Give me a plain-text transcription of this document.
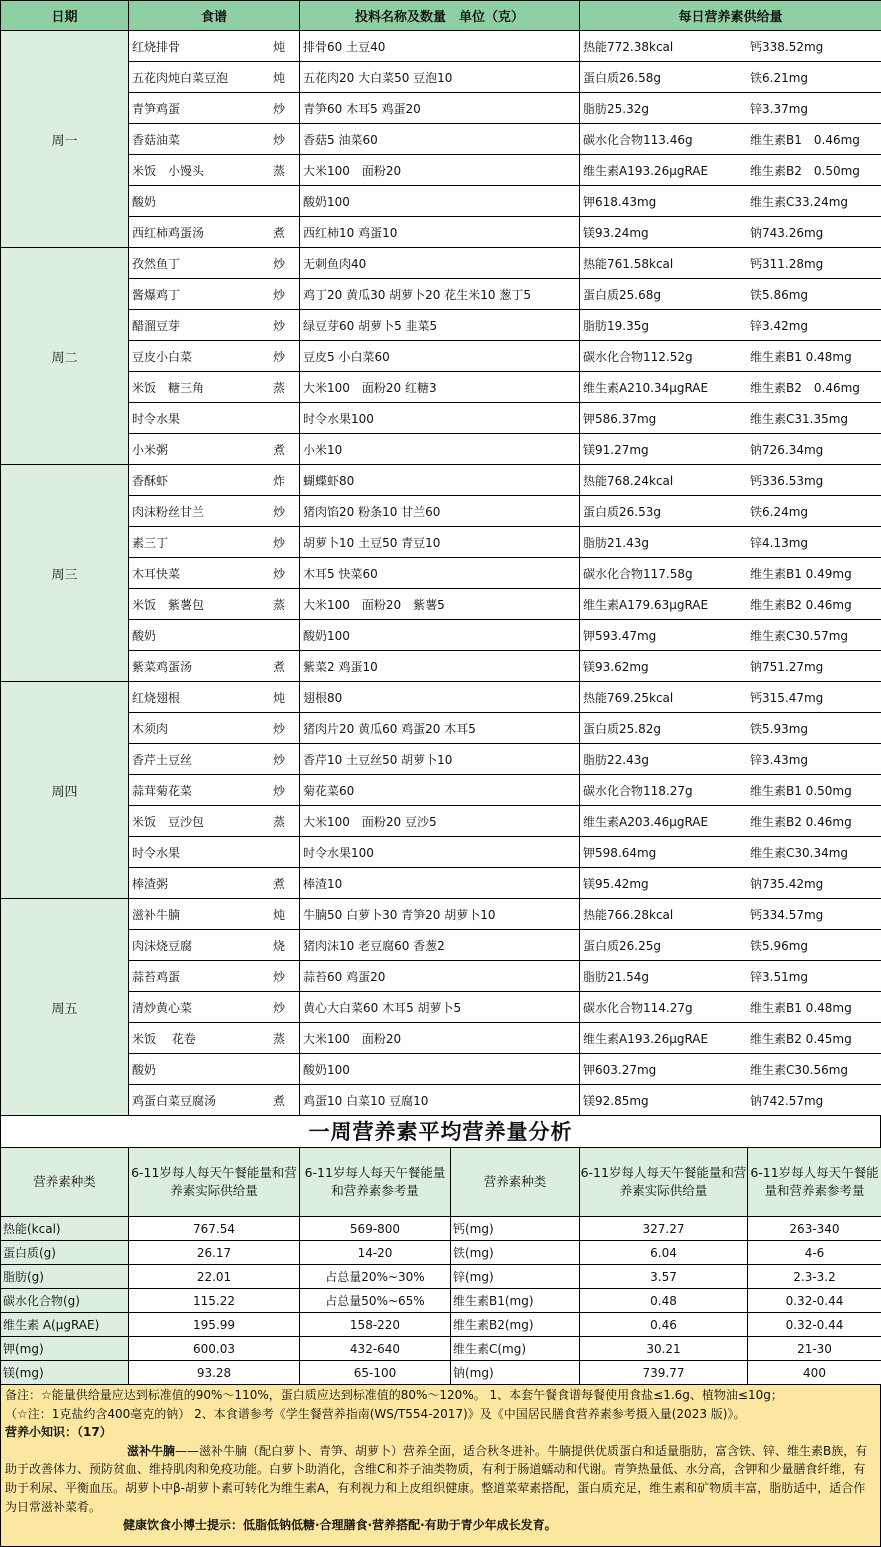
日期	食谱	投料名称及数量　单位（克）	每日营养素供给量
周一	红烧排骨 炖	排骨60 土豆40	热能772.38kcal 钙338.52mg

	五花肉炖白菜豆泡 炖	五花肉20 大白菜50 豆泡10	蛋白质26.58g 铁6.21mg

	青笋鸡蛋 炒	青笋60 木耳5 鸡蛋20	脂肪25.32g 锌3.37mg

	香菇油菜 炒	香菇5 油菜60	碳水化合物113.46g 维生素B1　0.46mg

	米饭　小馒头 蒸	大米100　面粉20	维生素A193.26μgRAE 维生素B2　0.50mg

	酸奶	酸奶100	钾618.43mg 维生素C33.24mg

	西红柿鸡蛋汤 煮	西红柿10 鸡蛋10	镁93.24mg 钠743.26mg
周二	孜然鱼丁 炒	无刺鱼肉40	热能761.58kcal 钙311.28mg

	酱爆鸡丁 炒	鸡丁20 黄瓜30 胡萝卜20 花生米10 葱丁5	蛋白质25.68g 铁5.86mg

	醋溜豆芽 炒	绿豆芽60 胡萝卜5 韭菜5	脂肪19.35g 锌3.42mg

	豆皮小白菜 炒	豆皮5 小白菜60	碳水化合物112.52g 维生素B1 0.48mg

	米饭　糖三角 蒸	大米100　面粉20 红糖3	维生素A210.34μgRAE 维生素B2　0.46mg

	时令水果	时令水果100	钾586.37mg 维生素C31.35mg

	小米粥 煮	小米10	镁91.27mg 钠726.34mg
周三	香酥虾 炸	蝴蝶虾80	热能768.24kcal 钙336.53mg

	肉沫粉丝甘兰 炒	猪肉馅20 粉条10 甘兰60	蛋白质26.53g 铁6.24mg

	素三丁 炒	胡萝卜10 土豆50 青豆10	脂肪21.43g 锌4.13mg

	木耳快菜 炒	木耳5 快菜60	碳水化合物117.58g 维生素B1 0.49mg

	米饭　紫薯包 蒸	大米100　面粉20　紫薯5	维生素A179.63μgRAE 维生素B2 0.46mg

	酸奶	酸奶100	钾593.47mg 维生素C30.57mg

	紫菜鸡蛋汤 煮	紫菜2 鸡蛋10	镁93.62mg 钠751.27mg
周四	红烧翅根 炖	翅根80	热能769.25kcal 钙315.47mg

	木须肉 炒	猪肉片20 黄瓜60 鸡蛋20 木耳5	蛋白质25.82g 铁5.93mg

	香芹土豆丝 炒	香芹10 土豆丝50 胡萝卜10	脂肪22.43g 锌3.43mg

	蒜茸菊花菜 炒	菊花菜60	碳水化合物118.27g 维生素B1 0.50mg

	米饭　豆沙包 蒸	大米100　面粉20 豆沙5	维生素A203.46μgRAE 维生素B2 0.46mg

	时令水果	时令水果100	钾598.64mg 维生素C30.34mg

	棒渣粥 煮	棒渣10	镁95.42mg 钠735.42mg
周五	滋补牛腩 炖	牛腩50 白萝卜30 青笋20 胡萝卜10	热能766.28kcal 钙334.57mg

	肉沫烧豆腐 烧	猪肉沫10 老豆腐60 香葱2	蛋白质26.25g 铁5.96mg

	蒜苔鸡蛋 炒	蒜苔60 鸡蛋20	脂肪21.54g 锌3.51mg

	清炒黄心菜 炒	黄心大白菜60 木耳5 胡萝卜5	碳水化合物114.27g 维生素B1 0.48mg

	米饭　 花卷 蒸	大米100　面粉20	维生素A193.26μgRAE 维生素B2 0.45mg

	酸奶	酸奶100	钾603.27mg 维生素C30.56mg

	鸡蛋白菜豆腐汤 煮	鸡蛋10 白菜10 豆腐10	镁92.85mg 钠742.57mg
一周营养素平均营养量分析
营养素种类	6-11岁每人每天午餐能量和营养素实际供给量	6-11岁每人每天午餐能量和营养素参考量	营养素种类	6-11岁每人每天午餐能量和营养素实际供给量	6-11岁每人每天午餐能量和营养素参考量
热能(kcal)	767.54	569-800	钙(mg)	327.27	263-340
蛋白质(g)	26.17	14-20	铁(mg)	6.04	4-6
脂肪(g)	22.01	占总量20%~30%	锌(mg)	3.57	2.3-3.2
碳水化合物(g)	115.22	占总量50%~65%	维生素B1(mg)	0.48	0.32-0.44
维生素 A(μgRAE)	195.99	158-220	维生素B2(mg)	0.46	0.32-0.44
钾(mg)	600.03	432-640	维生素C(mg)	30.21	21-30
镁(mg)	93.28	65-100	钠(mg)	739.77	400
备注：☆能量供给量应达到标准值的90%～110%，蛋白质应达到标准值的80%～120%。 1、本套午餐食谱每餐使用食盐≤1.6g、植物油≤10g；
（☆注：1克盐约含400毫克的钠） 2、本食谱参考《学生餐营养指南(WS/T554-2017)》及《中国居民膳食营养素参考摄入量(2023 版)》。
营养小知识：（17）
滋补牛腩——滋补牛腩（配白萝卜、青笋、胡萝卜）营养全面，适合秋冬进补。牛腩提供优质蛋白和适量脂肪，富含铁、锌、维生素B族，有助于改善体力、预防贫血、维持肌肉和免疫功能。白萝卜助消化，含维C和芥子油类物质，有利于肠道蠕动和代谢。青笋热量低、水分高，含钾和少量膳食纤维，有助于利尿、平衡血压。胡萝卜中β-胡萝卜素可转化为维生素A，有利视力和上皮组织健康。整道菜荤素搭配，蛋白质充足，维生素和矿物质丰富，脂肪适中，适合作为日常滋补菜肴。
健康饮食小博士提示：低脂低钠低糖·合理膳食·营养搭配·有助于青少年成长发育。
